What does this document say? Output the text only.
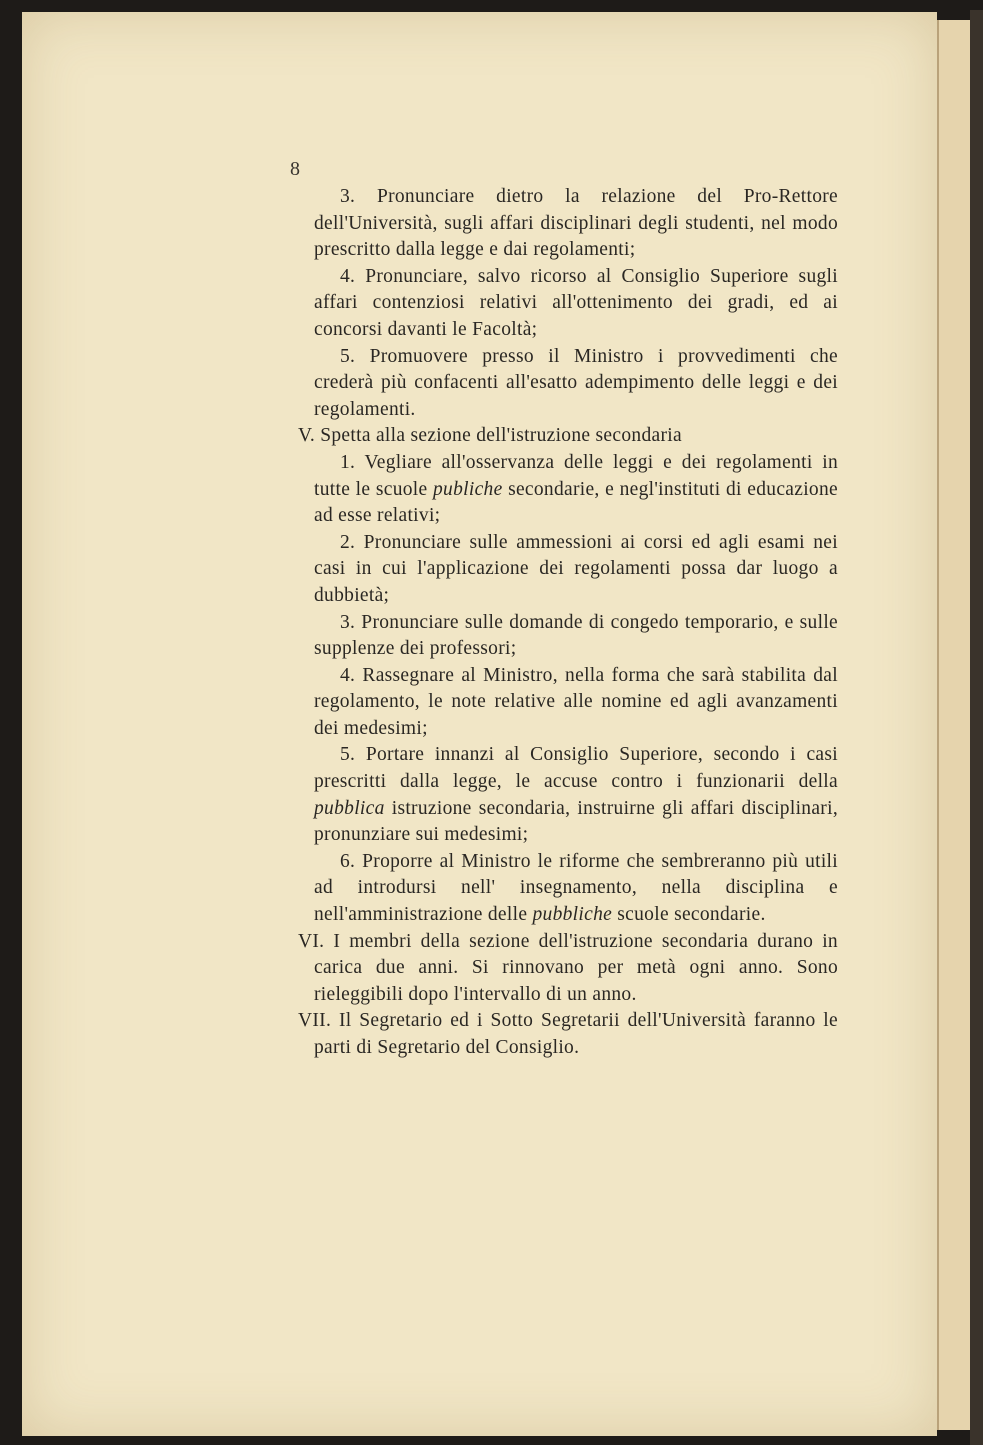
8

3. Pronunciare dietro la relazione del Pro-Rettore dell'Università, sugli affari disciplinari degli studenti, nel modo prescritto dalla legge e dai regolamenti;

4. Pronunciare, salvo ricorso al Consiglio Superiore sugli affari contenziosi relativi all'ottenimento dei gradi, ed ai concorsi davanti le Facoltà;

5. Promuovere presso il Ministro i provvedimenti che crederà più confacenti all'esatto adempimento delle leggi e dei regolamenti.

V. Spetta alla sezione dell'istruzione secondaria

1. Vegliare all'osservanza delle leggi e dei regolamenti in tutte le scuole publiche secondarie, e negl'instituti di educazione ad esse relativi;

2. Pronunciare sulle ammessioni ai corsi ed agli esami nei casi in cui l'applicazione dei regolamenti possa dar luogo a dubbietà;

3. Pronunciare sulle domande di congedo temporario, e sulle supplenze dei professori;

4. Rassegnare al Ministro, nella forma che sarà stabilita dal regolamento, le note relative alle nomine ed agli avanzamenti dei medesimi;

5. Portare innanzi al Consiglio Superiore, secondo i casi prescritti dalla legge, le accuse contro i funzionarii della pubblica istruzione secondaria, instruirne gli affari disciplinari, pronunziare sui medesimi;

6. Proporre al Ministro le riforme che sembreranno più utili ad introdursi nell' insegnamento, nella disciplina e nell'amministrazione delle pubbliche scuole secondarie.

VI. I membri della sezione dell'istruzione secondaria durano in carica due anni. Si rinnovano per metà ogni anno. Sono rieleggibili dopo l'intervallo di un anno.

VII. Il Segretario ed i Sotto Segretarii dell'Università faranno le parti di Segretario del Consiglio.
